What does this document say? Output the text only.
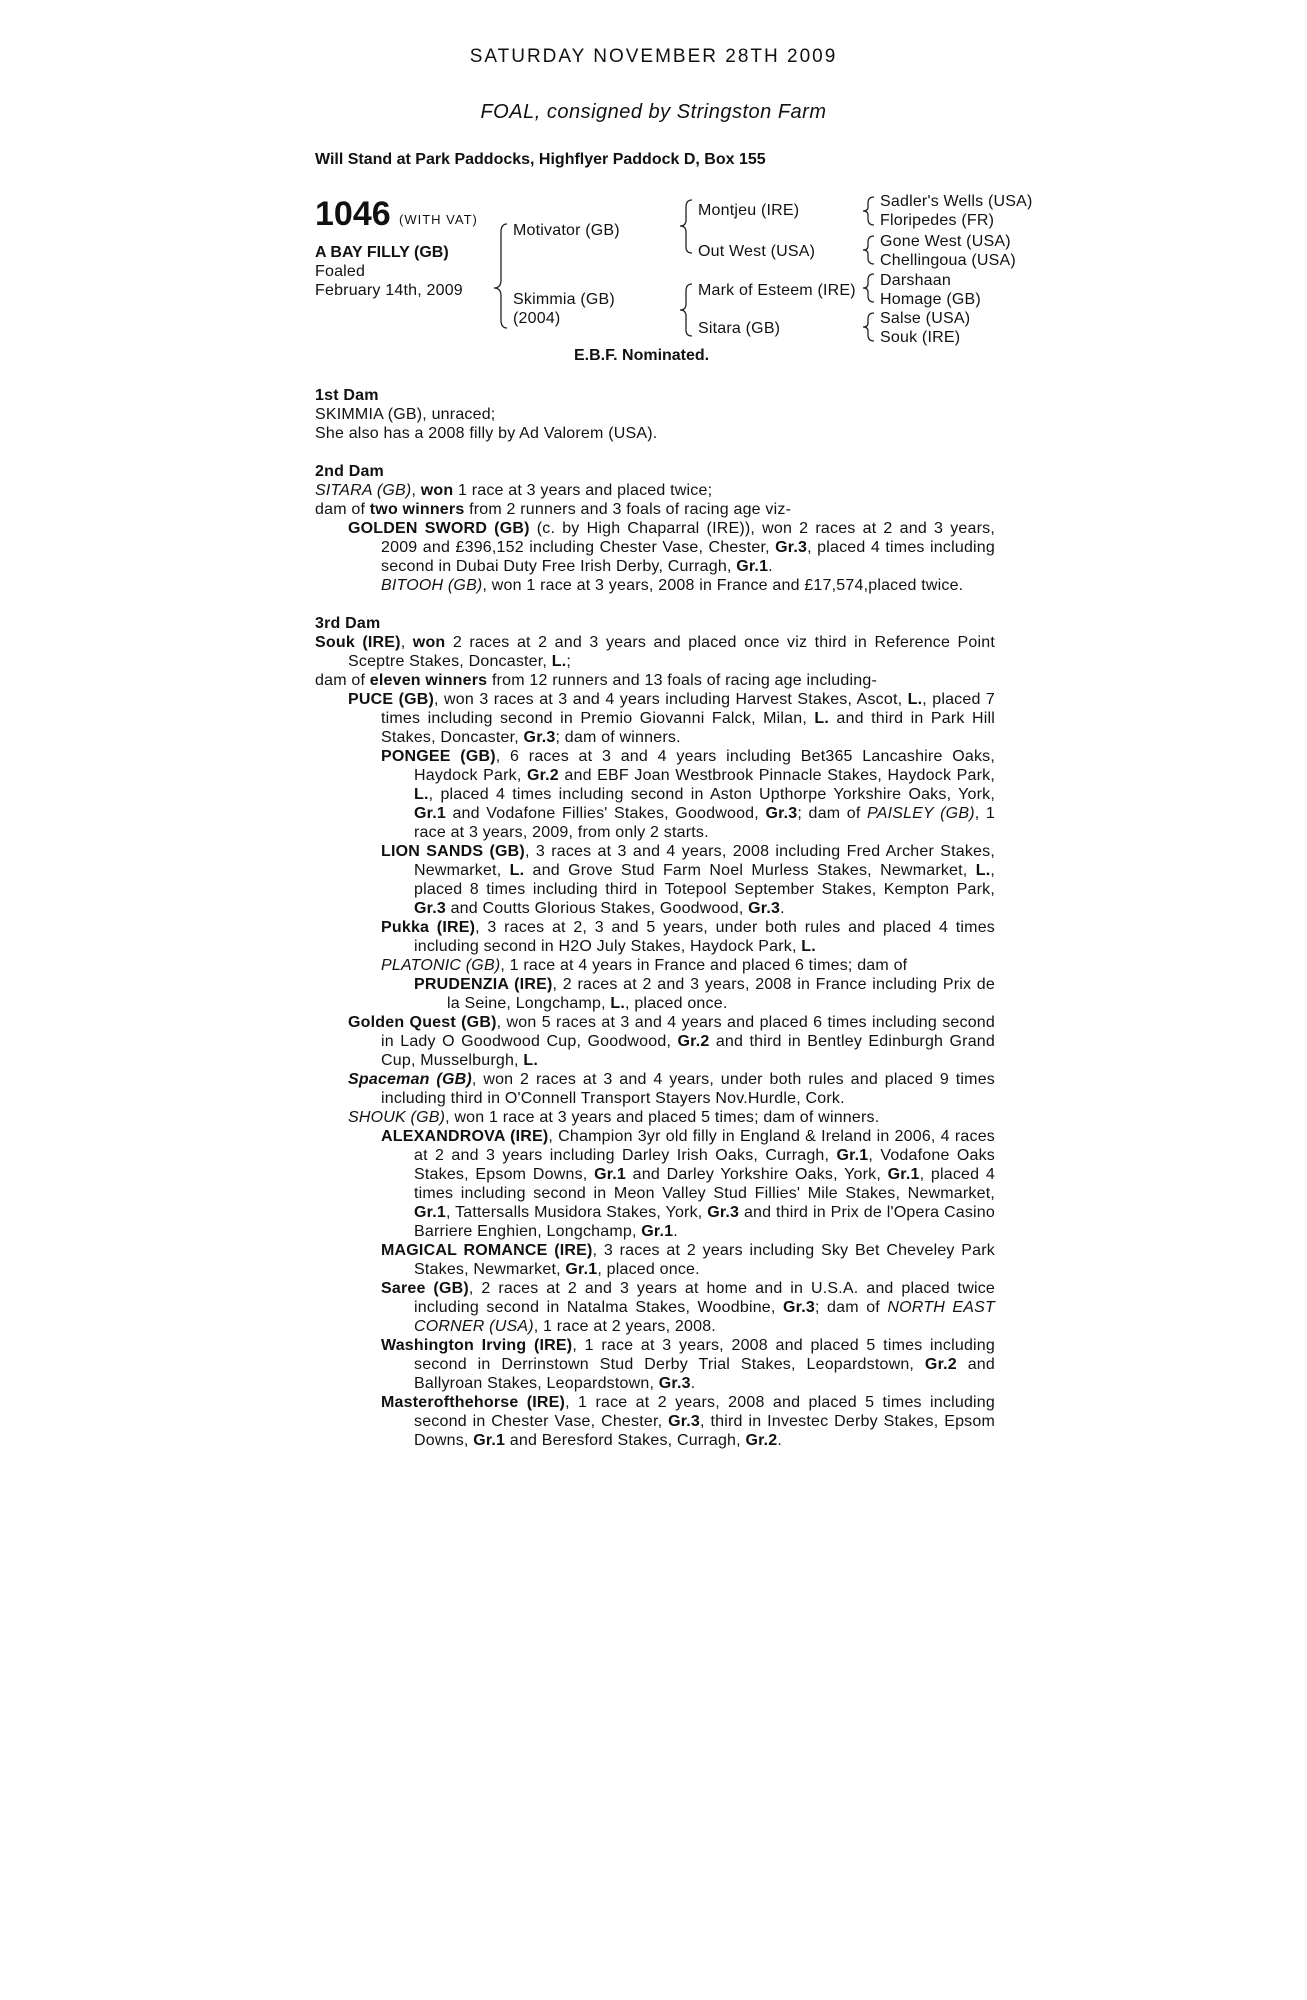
SATURDAY NOVEMBER 28TH 2009
FOAL, consigned by Stringston Farm
Will Stand at Park Paddocks, Highflyer Paddock D, Box 155
1046 (WITH VAT)
A BAY FILLY (GB)
Foaled
February 14th, 2009
Motivator (GB)
Skimmia (GB)
(2004)
Montjeu (IRE)
Out West (USA)
Mark of Esteem (IRE)
Sitara (GB)
Sadler's Wells (USA)
Floripedes (FR)
Gone West (USA)
Chellingoua (USA)
Darshaan
Homage (GB)
Salse (USA)
Souk (IRE)
E.B.F. Nominated.

1st Dam

SKIMMIA (GB), unraced;

She also has a 2008 filly by Ad Valorem (USA).

2nd Dam

SITARA (GB), won 1 race at 3 years and placed twice;

dam of two winners from 2 runners and 3 foals of racing age viz-

GOLDEN SWORD (GB) (c. by High Chaparral (IRE)), won 2 races at 2 and 3 years, 2009 and £396,152 including Chester Vase, Chester, Gr.3, placed 4 times including second in Dubai Duty Free Irish Derby, Curragh, Gr.1.

BITOOH (GB), won 1 race at 3 years, 2008 in France and £17,574,placed twice.

3rd Dam

Souk (IRE), won 2 races at 2 and 3 years and placed once viz third in Reference Point Sceptre Stakes, Doncaster, L.;

dam of eleven winners from 12 runners and 13 foals of racing age including-

PUCE (GB), won 3 races at 3 and 4 years including Harvest Stakes, Ascot, L., placed 7 times including second in Premio Giovanni Falck, Milan, L. and third in Park Hill Stakes, Doncaster, Gr.3; dam of winners.

PONGEE (GB), 6 races at 3 and 4 years including Bet365 Lancashire Oaks, Haydock Park, Gr.2 and EBF Joan Westbrook Pinnacle Stakes, Haydock Park, L., placed 4 times including second in Aston Upthorpe Yorkshire Oaks, York, Gr.1 and Vodafone Fillies' Stakes, Goodwood, Gr.3; dam of PAISLEY (GB), 1 race at 3 years, 2009, from only 2 starts.

LION SANDS (GB), 3 races at 3 and 4 years, 2008 including Fred Archer Stakes, Newmarket, L. and Grove Stud Farm Noel Murless Stakes, Newmarket, L., placed 8 times including third in Totepool September Stakes, Kempton Park, Gr.3 and Coutts Glorious Stakes, Goodwood, Gr.3.

Pukka (IRE), 3 races at 2, 3 and 5 years, under both rules and placed 4 times including second in H2O July Stakes, Haydock Park, L.

PLATONIC (GB), 1 race at 4 years in France and placed 6 times; dam of

PRUDENZIA (IRE), 2 races at 2 and 3 years, 2008 in France including Prix de la Seine, Longchamp, L., placed once.

Golden Quest (GB), won 5 races at 3 and 4 years and placed 6 times including second in Lady O Goodwood Cup, Goodwood, Gr.2 and third in Bentley Edinburgh Grand Cup, Musselburgh, L.

Spaceman (GB), won 2 races at 3 and 4 years, under both rules and placed 9 times including third in O'Connell Transport Stayers Nov.Hurdle, Cork.

SHOUK (GB), won 1 race at 3 years and placed 5 times; dam of winners.

ALEXANDROVA (IRE), Champion 3yr old filly in England & Ireland in 2006, 4 races at 2 and 3 years including Darley Irish Oaks, Curragh, Gr.1, Vodafone Oaks Stakes, Epsom Downs, Gr.1 and Darley Yorkshire Oaks, York, Gr.1, placed 4 times including second in Meon Valley Stud Fillies' Mile Stakes, Newmarket, Gr.1, Tattersalls Musidora Stakes, York, Gr.3 and third in Prix de l'Opera Casino Barriere Enghien, Longchamp, Gr.1.

MAGICAL ROMANCE (IRE), 3 races at 2 years including Sky Bet Cheveley Park Stakes, Newmarket, Gr.1, placed once.

Saree (GB), 2 races at 2 and 3 years at home and in U.S.A. and placed twice including second in Natalma Stakes, Woodbine, Gr.3; dam of NORTH EAST CORNER (USA), 1 race at 2 years, 2008.

Washington Irving (IRE), 1 race at 3 years, 2008 and placed 5 times including second in Derrinstown Stud Derby Trial Stakes, Leopardstown, Gr.2 and Ballyroan Stakes, Leopardstown, Gr.3.

Masterofthehorse (IRE), 1 race at 2 years, 2008 and placed 5 times including second in Chester Vase, Chester, Gr.3, third in Investec Derby Stakes, Epsom Downs, Gr.1 and Beresford Stakes, Curragh, Gr.2.
